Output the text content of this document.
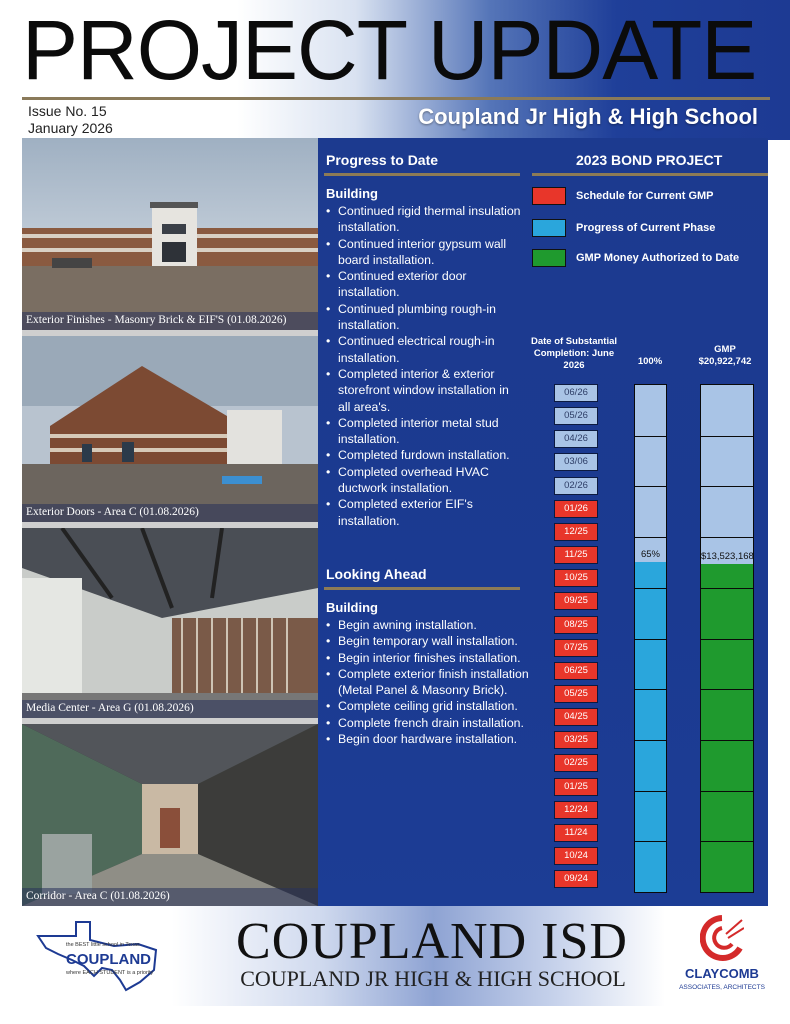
PROJECT UPDATE
Issue No. 15
January 2026	Coupland Jr High & High School
Exterior Finishes - Masonry Brick & EIF'S (01.08.2026)
Exterior Doors - Area C (01.08.2026)
Media Center - Area G (01.08.2026)
Corridor - Area C (01.08.2026)
Progress to Date
Building
• Continued rigid thermal insulation installation.
• Continued interior gypsum wall board installation.
• Continued exterior door installation.
• Continued plumbing rough-in installation.
• Continued electrical rough-in installation.
• Completed interior & exterior storefront window installation in all area's.
• Completed interior metal stud installation.
• Completed furdown installation.
• Completed overhead HVAC ductwork installation.
• Completed exterior EIF's installation.
Looking Ahead
Building
• Begin awning installation.
• Begin temporary wall installation.
• Begin interior finishes installation.
• Complete exterior finish installation (Metal Panel & Masonry Brick).
• Complete ceiling grid installation.
• Complete french drain installation.
• Begin door hardware installation.
2023 BOND PROJECT
Schedule for Current GMP
Progress of Current Phase
GMP Money Authorized to Date
Date of Substantial Completion: June 2026	100%
GMP
$20,922,742
06/26
05/26
04/26
03/06
02/26
01/26
12/25
11/25
10/25
09/25
08/25
07/25
06/25
05/25
04/25
03/25
02/25
01/25
12/24
11/24
10/24
09/24
65%	$13,523,168
the BEST little school in Texas
COUPLAND
where EACH STUDENT is a priority
COUPLAND ISD
COUPLAND JR HIGH & HIGH SCHOOL	CLAYCOMB
ASSOCIATES, ARCHITECTS
